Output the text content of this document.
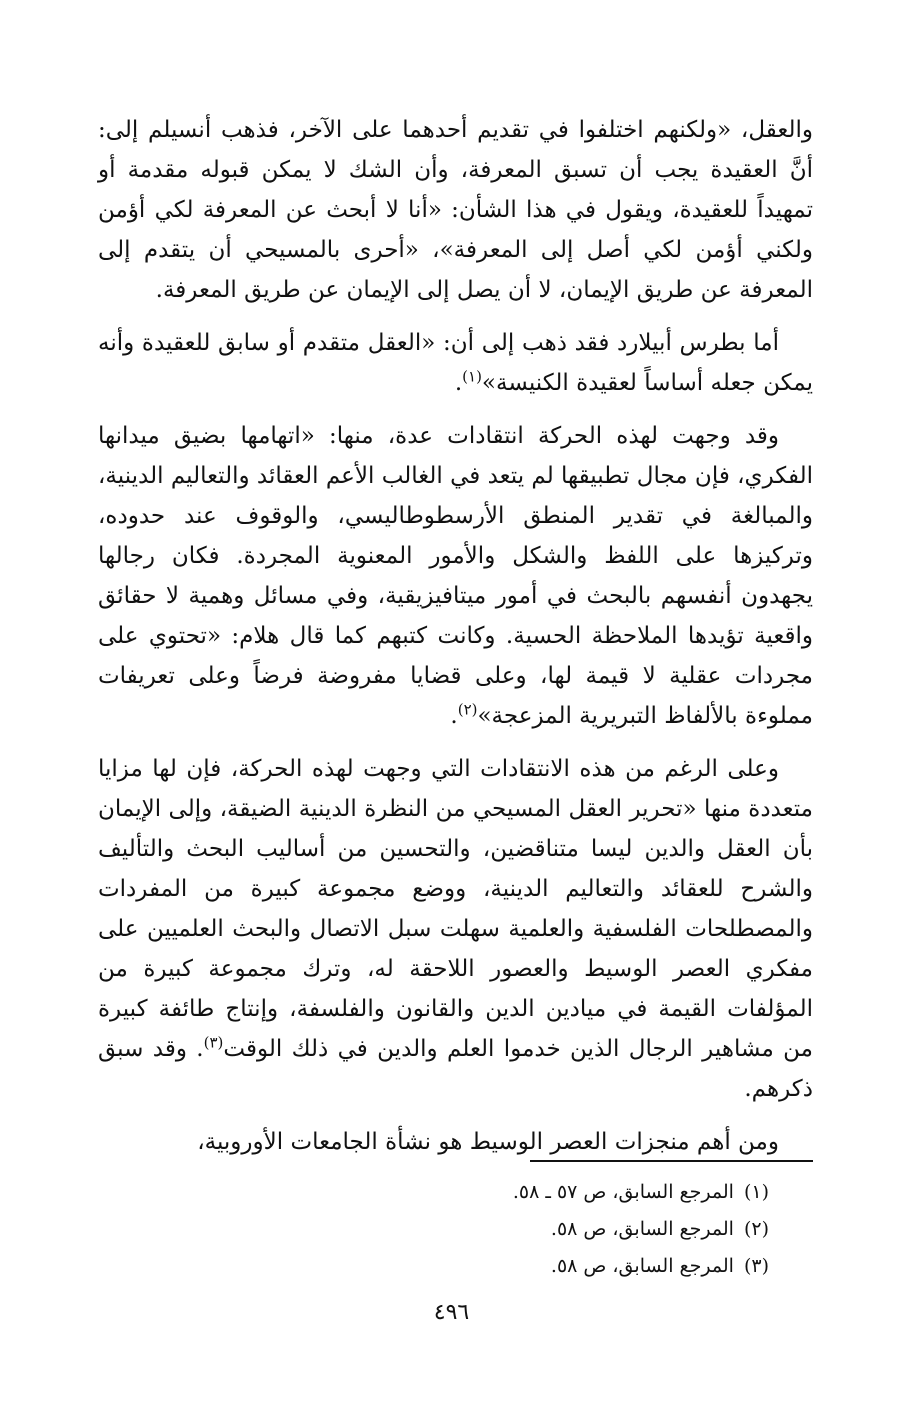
والعقل، «ولكنهم اختلفوا في تقديم أحدهما على الآخر، فذهب أنسيلم إلى: أنَّ العقيدة يجب أن تسبق المعرفة، وأن الشك لا يمكن قبوله مقدمة أو تمهيداً للعقيدة، ويقول في هذا الشأن: «أنا لا أبحث عن المعرفة لكي أؤمن ولكني أؤمن لكي أصل إلى المعرفة»، «أحرى بالمسيحي أن يتقدم إلى المعرفة عن طريق الإيمان، لا أن يصل إلى الإيمان عن طريق المعرفة.

أما بطرس أبيلارد فقد ذهب إلى أن: «العقل متقدم أو سابق للعقيدة وأنه يمكن جعله أساساً لعقيدة الكنيسة»$^{(١)}$.

وقد وجهت لهذه الحركة انتقادات عدة، منها: «اتهامها بضيق ميدانها الفكري، فإن مجال تطبيقها لم يتعد في الغالب الأعم العقائد والتعاليم الدينية، والمبالغة في تقدير المنطق الأرسطوطاليسي، والوقوف عند حدوده، وتركيزها على اللفظ والشكل والأمور المعنوية المجردة. فكان رجالها يجهدون أنفسهم بالبحث في أمور ميتافيزيقية، وفي مسائل وهمية لا حقائق واقعية تؤيدها الملاحظة الحسية. وكانت كتبهم كما قال هلام: «تحتوي على مجردات عقلية لا قيمة لها، وعلى قضايا مفروضة فرضاً وعلى تعريفات مملوءة بالألفاظ التبريرية المزعجة»$^{(٢)}$.

وعلى الرغم من هذه الانتقادات التي وجهت لهذه الحركة، فإن لها مزايا متعددة منها «تحرير العقل المسيحي من النظرة الدينية الضيقة، وإلى الإيمان بأن العقل والدين ليسا متناقضين، والتحسين من أساليب البحث والتأليف والشرح للعقائد والتعاليم الدينية، ووضع مجموعة كبيرة من المفردات والمصطلحات الفلسفية والعلمية سهلت سبل الاتصال والبحث العلميين على مفكري العصر الوسيط والعصور اللاحقة له، وترك مجموعة كبيرة من المؤلفات القيمة في ميادين الدين والقانون والفلسفة، وإنتاج طائفة كبيرة من مشاهير الرجال الذين خدموا العلم والدين في ذلك الوقت$^{(٣)}$. وقد سبق ذكرهم.

ومن أهم منجزات العصر الوسيط هو نشأة الجامعات الأوروبية،

(١)المرجع السابق، ص ٥٧ ـ ٥٨.

(٢)المرجع السابق، ص ٥٨.

(٣)المرجع السابق، ص ٥٨.

٤٩٦
